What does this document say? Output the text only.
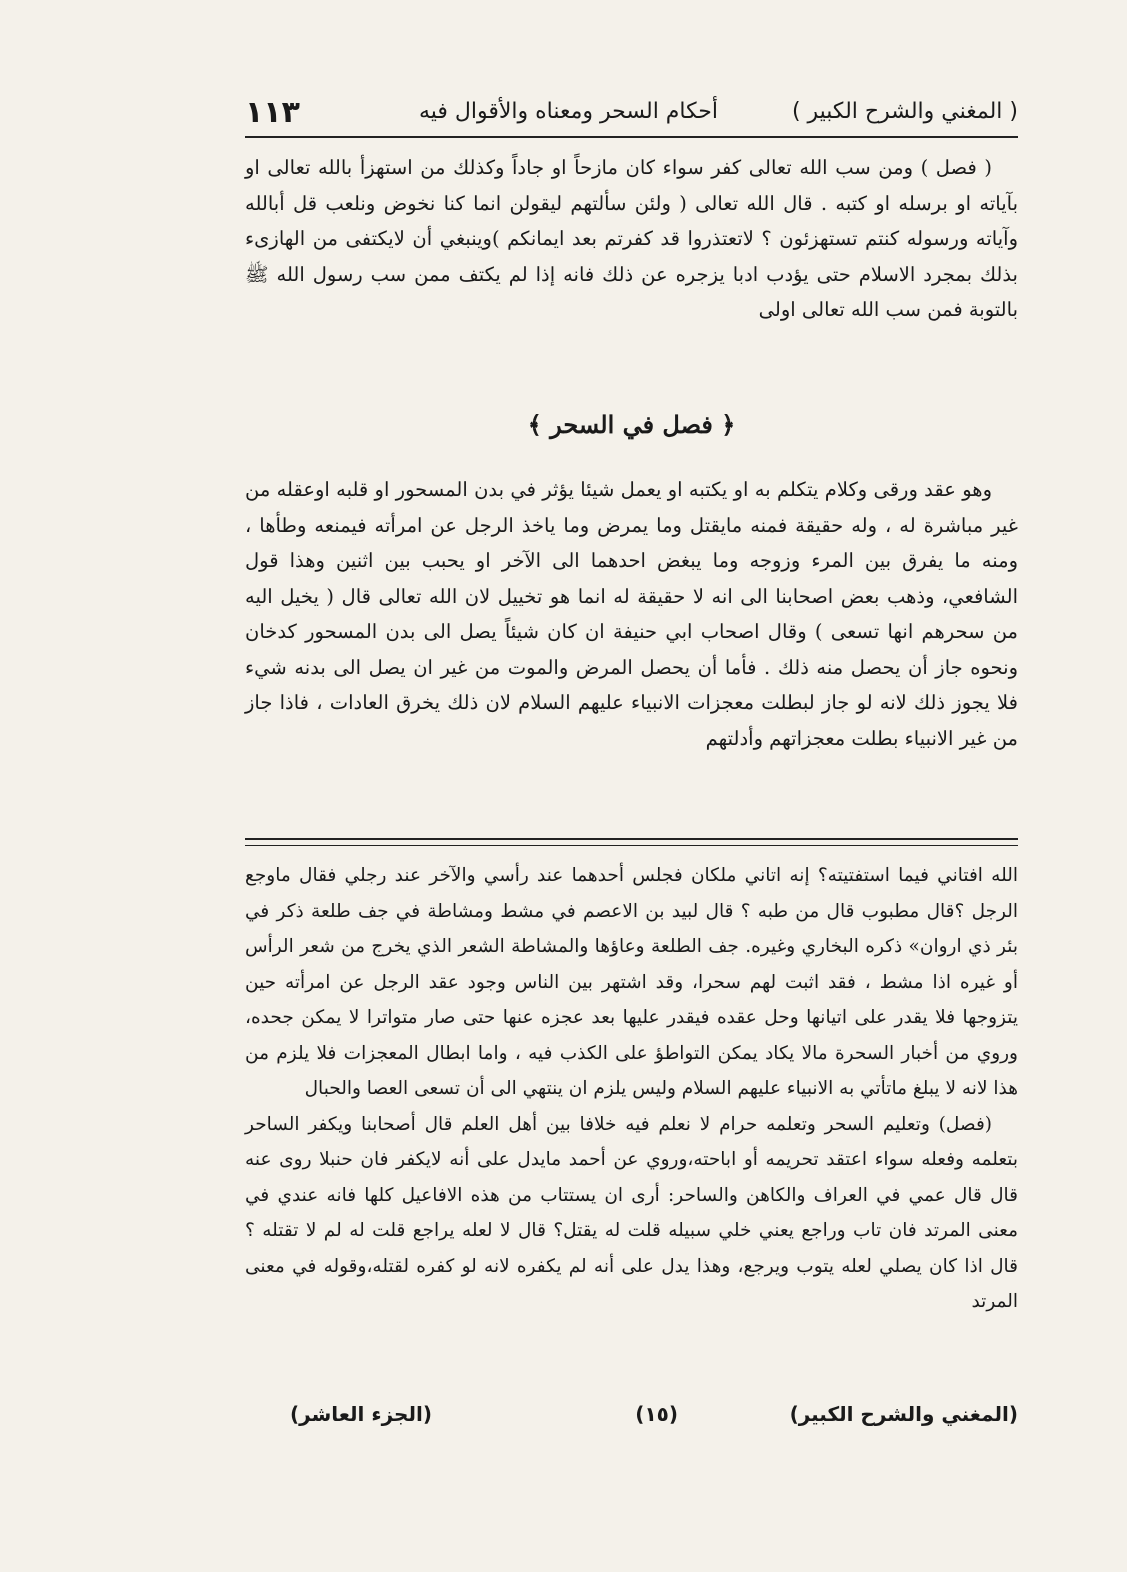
( المغني والشرح الكبير )
أحكام السحر ومعناه والأقوال فيه
١١٣

( فصل ) ومن سب الله تعالى كفر سواء كان مازحاً او جاداً وكذلك من استهزأ بالله تعالى او بآياته او برسله او كتبه . قال الله تعالى ( ولئن سألتهم ليقولن انما كنا نخوض ونلعب قل أبالله وآياته ورسوله كنتم تستهزئون ؟ لاتعتذروا قد كفرتم بعد ايمانكم )وينبغي أن لايكتفى من الهازىء بذلك بمجرد الاسلام حتى يؤدب ادبا يزجره عن ذلك فانه إذا لم يكتف ممن سب رسول الله ﷺ بالتوبة فمن سب الله تعالى اولى

﴿ فصل في السحر ﴾

وهو عقد ورقى وكلام يتكلم به او يكتبه او يعمل شيئا يؤثر في بدن المسحور او قلبه اوعقله من غير مباشرة له ، وله حقيقة فمنه مايقتل وما يمرض وما ياخذ الرجل عن امرأته فيمنعه وطأها ، ومنه ما يفرق بين المرء وزوجه وما يبغض احدهما الى الآخر او يحبب بين اثنين وهذا قول الشافعي، وذهب بعض اصحابنا الى انه لا حقيقة له انما هو تخييل لان الله تعالى قال ( يخيل اليه من سحرهم انها تسعى ) وقال اصحاب ابي حنيفة ان كان شيئاً يصل الى بدن المسحور كدخان ونحوه جاز أن يحصل منه ذلك . فأما أن يحصل المرض والموت من غير ان يصل الى بدنه شيء فلا يجوز ذلك لانه لو جاز لبطلت معجزات الانبياء عليهم السلام لان ذلك يخرق العادات ، فاذا جاز من غير الانبياء بطلت معجزاتهم وأدلتهم

الله افتاني فيما استفتيته؟ إنه اتاني ملكان فجلس أحدهما عند رأسي والآخر عند رجلي فقال ماوجع الرجل ؟قال مطبوب قال من طبه ؟ قال لبيد بن الاعصم في مشط ومشاطة في جف طلعة ذكر في بئر ذي اروان» ذكره البخاري وغيره. جف الطلعة وعاؤها والمشاطة الشعر الذي يخرج من شعر الرأس أو غيره اذا مشط ، فقد اثبت لهم سحرا، وقد اشتهر بين الناس وجود عقد الرجل عن امرأته حين يتزوجها فلا يقدر على اتيانها وحل عقده فيقدر عليها بعد عجزه عنها حتى صار متواترا لا يمكن جحده، وروي من أخبار السحرة مالا يكاد يمكن التواطؤ على الكذب فيه ، واما ابطال المعجزات فلا يلزم من هذا لانه لا يبلغ ماتأتي به الانبياء عليهم السلام وليس يلزم ان ينتهي الى أن تسعى العصا والحبال

(فصل) وتعليم السحر وتعلمه حرام لا نعلم فيه خلافا بين أهل العلم قال أصحابنا ويكفر الساحر بتعلمه وفعله سواء اعتقد تحريمه أو اباحته،وروي عن أحمد مايدل على أنه لايكفر فان حنبلا روى عنه قال قال عمي في العراف والكاهن والساحر: أرى ان يستتاب من هذه الافاعيل كلها فانه عندي في معنى المرتد فان تاب وراجع يعني خلي سبيله قلت له يقتل؟ قال لا لعله يراجع قلت له لم لا تقتله ؟ قال اذا كان يصلي لعله يتوب ويرجع، وهذا يدل على أنه لم يكفره لانه لو كفره لقتله،وقوله في معنى المرتد

(المغني والشرح الكبير)
(١٥)
(الجزء العاشر)
